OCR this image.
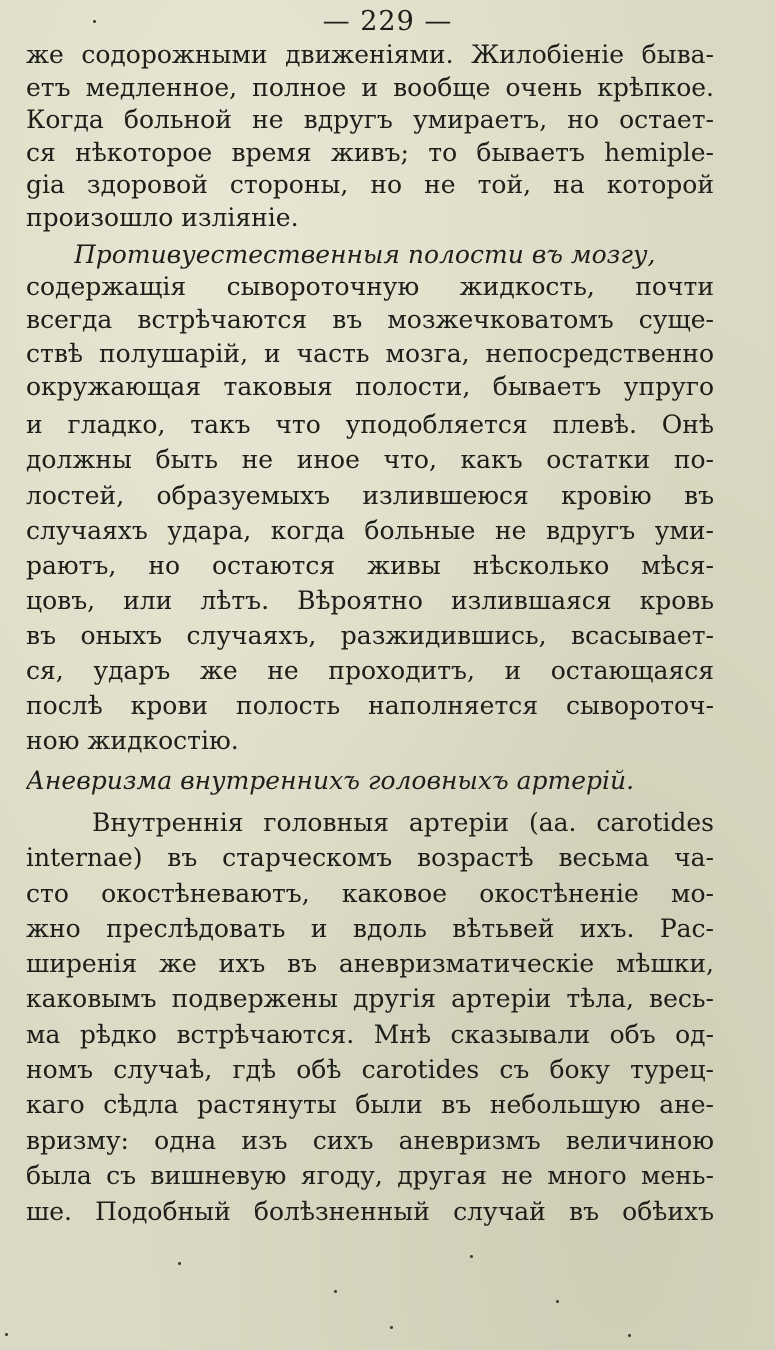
— 229 —
же содорожными движеніями. Жилобіеніе быва-
етъ медленное, полное и вообще очень крѣпкое.
Когда больной не вдругъ умираетъ, но остает-
ся нѣкоторое время живъ; то бываетъ hemiple-
gia здоровой стороны, но не той, на которой
произошло изліяніе.
Противуестественныя полости въ мозгу,
содержащія сывороточную жидкость, почти
всегда встрѣчаются въ мозжечковатомъ суще-
ствѣ полушарій, и часть мозга, непосредственно
окружающая таковыя полости, бываетъ упруго
и гладко, такъ что уподобляется плевѣ. Онѣ
должны быть не иное что, какъ остатки по-
лостей, образуемыхъ излившеюся кровію въ
случаяхъ удара, когда больные не вдругъ уми-
раютъ, но остаются живы нѣсколько мѣся-
цовъ, или лѣтъ. Вѣроятно излившаяся кровь
въ оныхъ случаяхъ, разжидившись, всасывает-
ся, ударъ же не проходитъ, и остающаяся
послѣ крови полость наполняется сывороточ-
ною жидкостію.
Аневризма внутреннихъ головныхъ артерій.
Внутреннія головныя артеріи (aa. carotides
internae) въ старческомъ возрастѣ весьма ча-
сто окостѣневаютъ, каковое окостѣненіе мо-
жно преслѣдовать и вдоль вѣтьвей ихъ. Рас-
ширенія же ихъ въ аневризматическіе мѣшки,
каковымъ подвержены другія артеріи тѣла, весь-
ма рѣдко встрѣчаются. Мнѣ сказывали объ од-
номъ случаѣ, гдѣ обѣ carotides съ боку турец-
каго сѣдла растянуты были въ небольшую ане-
вризму: одна изъ сихъ аневризмъ величиною
была съ вишневую ягоду, другая не много мень-
ше. Подобный болѣзненный случай въ обѣихъ
